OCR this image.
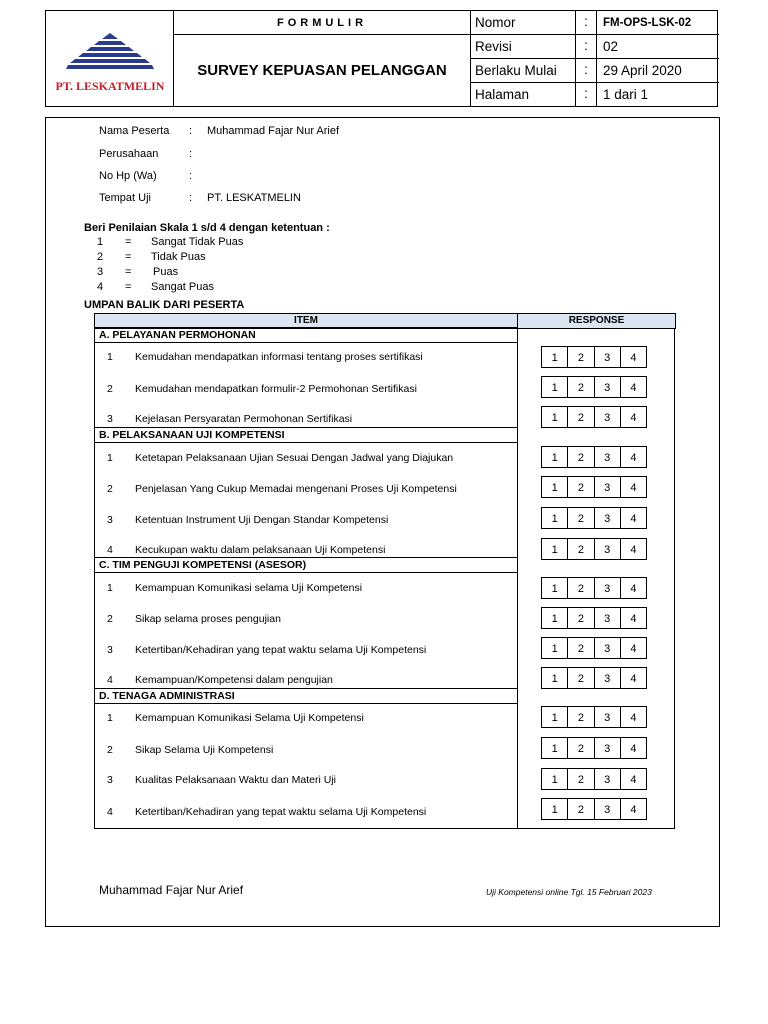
PT. LESKATMELIN
FORMULIR
SURVEY KEPUASAN PELANGGAN
Nomor	:	FM-OPS-LSK-02
Revisi	:	02
Berlaku Mulai	:	29 April 2020
Halaman	:	1 dari 1
Nama Peserta	: Muhammad Fajar Nur Arief
Perusahaan	:
No Hp (Wa)	:
Tempat Uji	: PT. LESKATMELIN
Beri Penilaian Skala 1 s/d 4 dengan ketentuan :
1 = Sangat Tidak Puas
2 = Tidak Puas
3 = Puas
4 = Sangat Puas
UMPAN BALIK DARI PESERTA
ITEM	RESPONSE
A. PELAYANAN PERMOHONAN
1 Kemudahan mendapatkan informasi tentang proses sertifikasi	1	2	3	4
2 Kemudahan mendapatkan formulir-2 Permohonan Sertifikasi	1	2	3	4
3 Kejelasan Persyaratan Permohonan Sertifikasi	1	2	3	4
B. PELAKSANAAN UJI KOMPETENSI
1 Ketetapan Pelaksanaan Ujian Sesuai Dengan Jadwal yang Diajukan	1	2	3	4
2 Penjelasan Yang Cukup Memadai mengenani Proses Uji Kompetensi	1	2	3	4
3 Ketentuan Instrument Uji Dengan Standar Kompetensi	1	2	3	4
4 Kecukupan waktu dalam pelaksanaan Uji Kompetensi	1	2	3	4
C. TIM PENGUJI KOMPETENSI (ASESOR)
1 Kemampuan Komunikasi selama Uji Kompetensi	1	2	3	4
2 Sikap selama proses pengujian	1	2	3	4
3 Ketertiban/Kehadiran yang tepat waktu selama Uji Kompetensi	1	2	3	4
4 Kemampuan/Kompetensi dalam pengujian	1	2	3	4
D. TENAGA ADMINISTRASI
1 Kemampuan Komunikasi Selama Uji Kompetensi	1	2	3	4
2 Sikap Selama Uji Kompetensi	1	2	3	4
3 Kualitas Pelaksanaan Waktu dan Materi Uji	1	2	3	4
4 Ketertiban/Kehadiran yang tepat waktu selama Uji Kompetensi	1	2	3	4
Muhammad Fajar Nur Arief	Uji Kompetensi online Tgl. 15 Februari 2023
